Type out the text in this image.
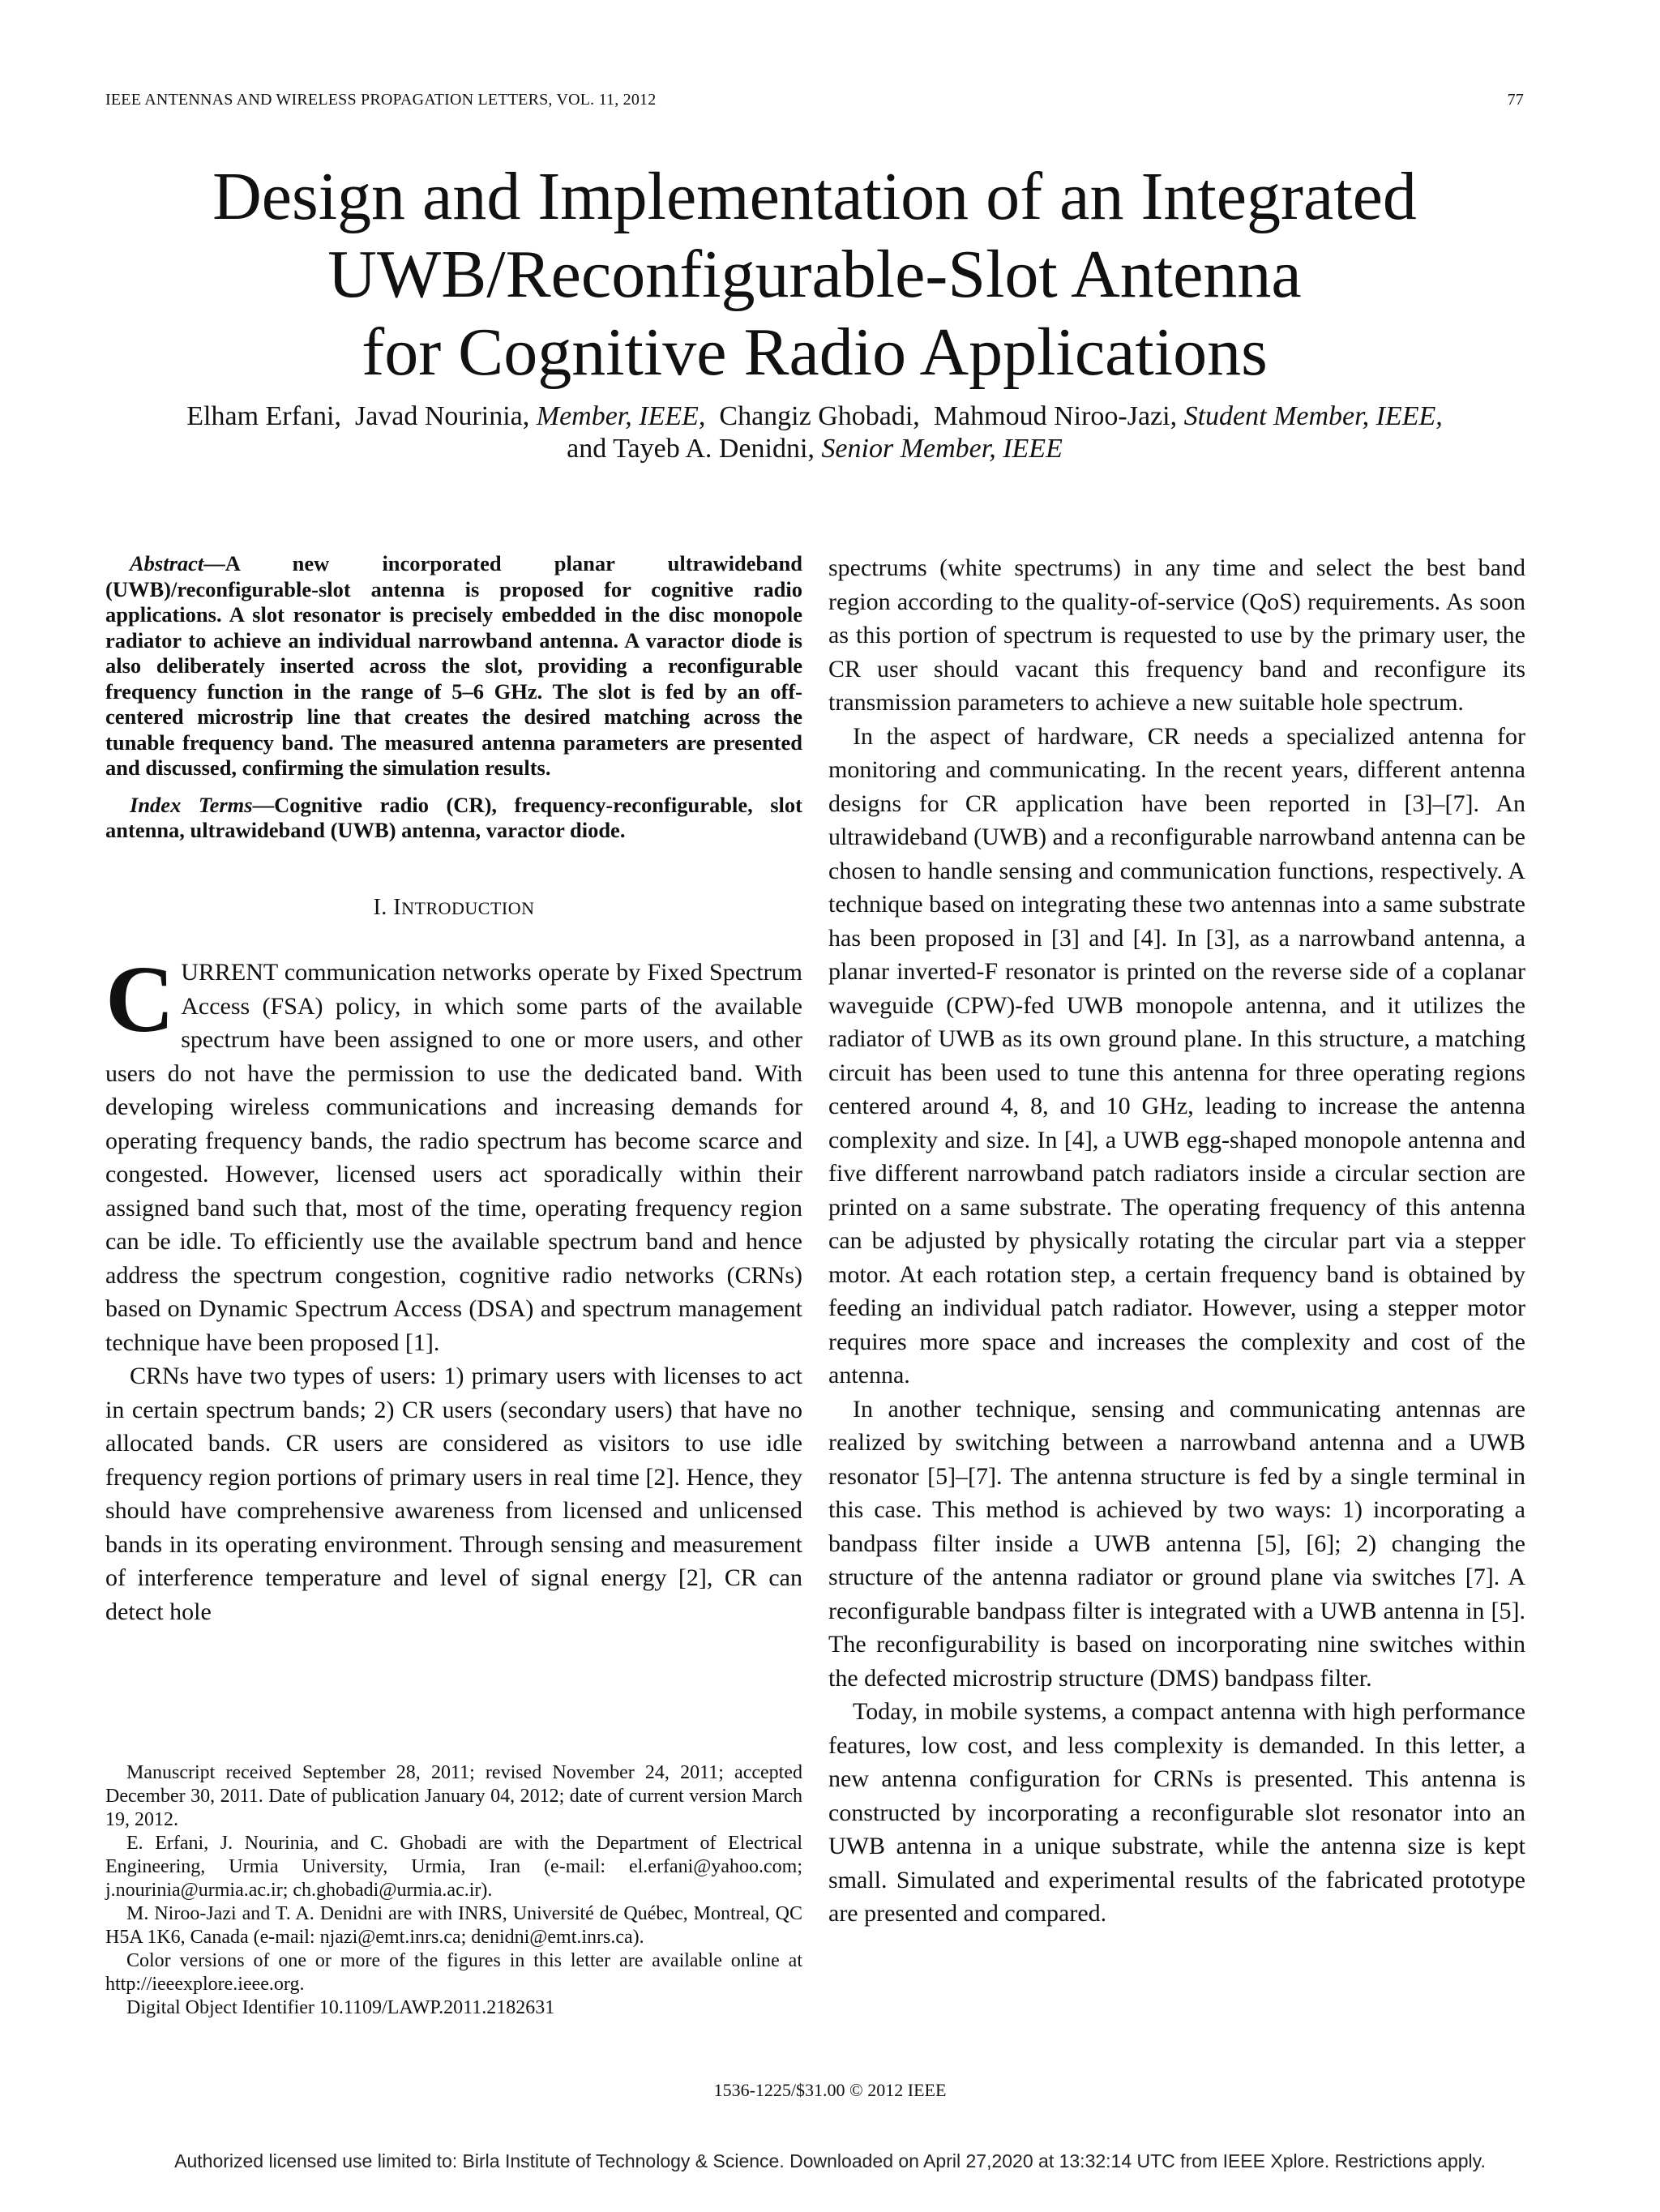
IEEE ANTENNAS AND WIRELESS PROPAGATION LETTERS, VOL. 11, 2012	77
Design and Implementation of an Integrated
UWB/Reconfigurable-Slot Antenna
for Cognitive Radio Applications
Elham Erfani, Javad Nourinia, Member, IEEE, Changiz Ghobadi, Mahmoud Niroo-Jazi, Student Member, IEEE,
and Tayeb A. Denidni, Senior Member, IEEE

Abstract—A new incorporated planar ultrawideband (UWB)/reconfigurable-slot antenna is proposed for cognitive radio applications. A slot resonator is precisely embedded in the disc monopole radiator to achieve an individual narrowband antenna. A varactor diode is also deliberately inserted across the slot, providing a reconfigurable frequency function in the range of 5–6 GHz. The slot is fed by an off-centered microstrip line that creates the desired matching across the tunable frequency band. The measured antenna parameters are presented and discussed, confirming the simulation results.

Index Terms—Cognitive radio (CR), frequency-reconfigurable, slot antenna, ultrawideband (UWB) antenna, varactor diode.

I. INTRODUCTION

CURRENT communication networks operate by Fixed Spectrum Access (FSA) policy, in which some parts of the available spectrum have been assigned to one or more users, and other users do not have the permission to use the dedicated band. With developing wireless communications and increasing demands for operating frequency bands, the radio spectrum has become scarce and congested. However, licensed users act sporadically within their assigned band such that, most of the time, operating frequency region can be idle. To efficiently use the available spectrum band and hence address the spectrum congestion, cognitive radio networks (CRNs) based on Dynamic Spectrum Access (DSA) and spectrum management technique have been proposed [1].

CRNs have two types of users: 1) primary users with licenses to act in certain spectrum bands; 2) CR users (secondary users) that have no allocated bands. CR users are considered as visitors to use idle frequency region portions of primary users in real time [2]. Hence, they should have comprehensive awareness from licensed and unlicensed bands in its operating environment. Through sensing and measurement of interference temperature and level of signal energy [2], CR can detect hole

spectrums (white spectrums) in any time and select the best band region according to the quality-of-service (QoS) requirements. As soon as this portion of spectrum is requested to use by the primary user, the CR user should vacant this frequency band and reconfigure its transmission parameters to achieve a new suitable hole spectrum.

In the aspect of hardware, CR needs a specialized antenna for monitoring and communicating. In the recent years, different antenna designs for CR application have been reported in [3]–[7]. An ultrawideband (UWB) and a reconfigurable narrowband antenna can be chosen to handle sensing and communication functions, respectively. A technique based on integrating these two antennas into a same substrate has been proposed in [3] and [4]. In [3], as a narrowband antenna, a planar inverted-F resonator is printed on the reverse side of a coplanar waveguide (CPW)-fed UWB monopole antenna, and it utilizes the radiator of UWB as its own ground plane. In this structure, a matching circuit has been used to tune this antenna for three operating regions centered around 4, 8, and 10 GHz, leading to increase the antenna complexity and size. In [4], a UWB egg-shaped monopole antenna and five different narrowband patch radiators inside a circular section are printed on a same substrate. The operating frequency of this antenna can be adjusted by physically rotating the circular part via a stepper motor. At each rotation step, a certain frequency band is obtained by feeding an individual patch radiator. However, using a stepper motor requires more space and increases the complexity and cost of the antenna.

In another technique, sensing and communicating antennas are realized by switching between a narrowband antenna and a UWB resonator [5]–[7]. The antenna structure is fed by a single terminal in this case. This method is achieved by two ways: 1) incorporating a bandpass filter inside a UWB antenna [5], [6]; 2) changing the structure of the antenna radiator or ground plane via switches [7]. A reconfigurable bandpass filter is integrated with a UWB antenna in [5]. The reconfigurability is based on incorporating nine switches within the defected microstrip structure (DMS) bandpass filter.

Today, in mobile systems, a compact antenna with high performance features, low cost, and less complexity is demanded. In this letter, a new antenna configuration for CRNs is presented. This antenna is constructed by incorporating a reconfigurable slot resonator into an UWB antenna in a unique substrate, while the antenna size is kept small. Simulated and experimental results of the fabricated prototype are presented and compared.

Manuscript received September 28, 2011; revised November 24, 2011; accepted December 30, 2011. Date of publication January 04, 2012; date of current version March 19, 2012.

E. Erfani, J. Nourinia, and C. Ghobadi are with the Department of Electrical Engineering, Urmia University, Urmia, Iran (e-mail: el.erfani@yahoo.com; j.nourinia@urmia.ac.ir; ch.ghobadi@urmia.ac.ir).

M. Niroo-Jazi and T. A. Denidni are with INRS, Université de Québec, Montreal, QC H5A 1K6, Canada (e-mail: njazi@emt.inrs.ca; denidni@emt.inrs.ca).

Color versions of one or more of the figures in this letter are available online at http://ieeexplore.ieee.org.

Digital Object Identifier 10.1109/LAWP.2011.2182631

1536-1225/$31.00 © 2012 IEEE
Authorized licensed use limited to: Birla Institute of Technology & Science. Downloaded on April 27,2020 at 13:32:14 UTC from IEEE Xplore. Restrictions apply.
